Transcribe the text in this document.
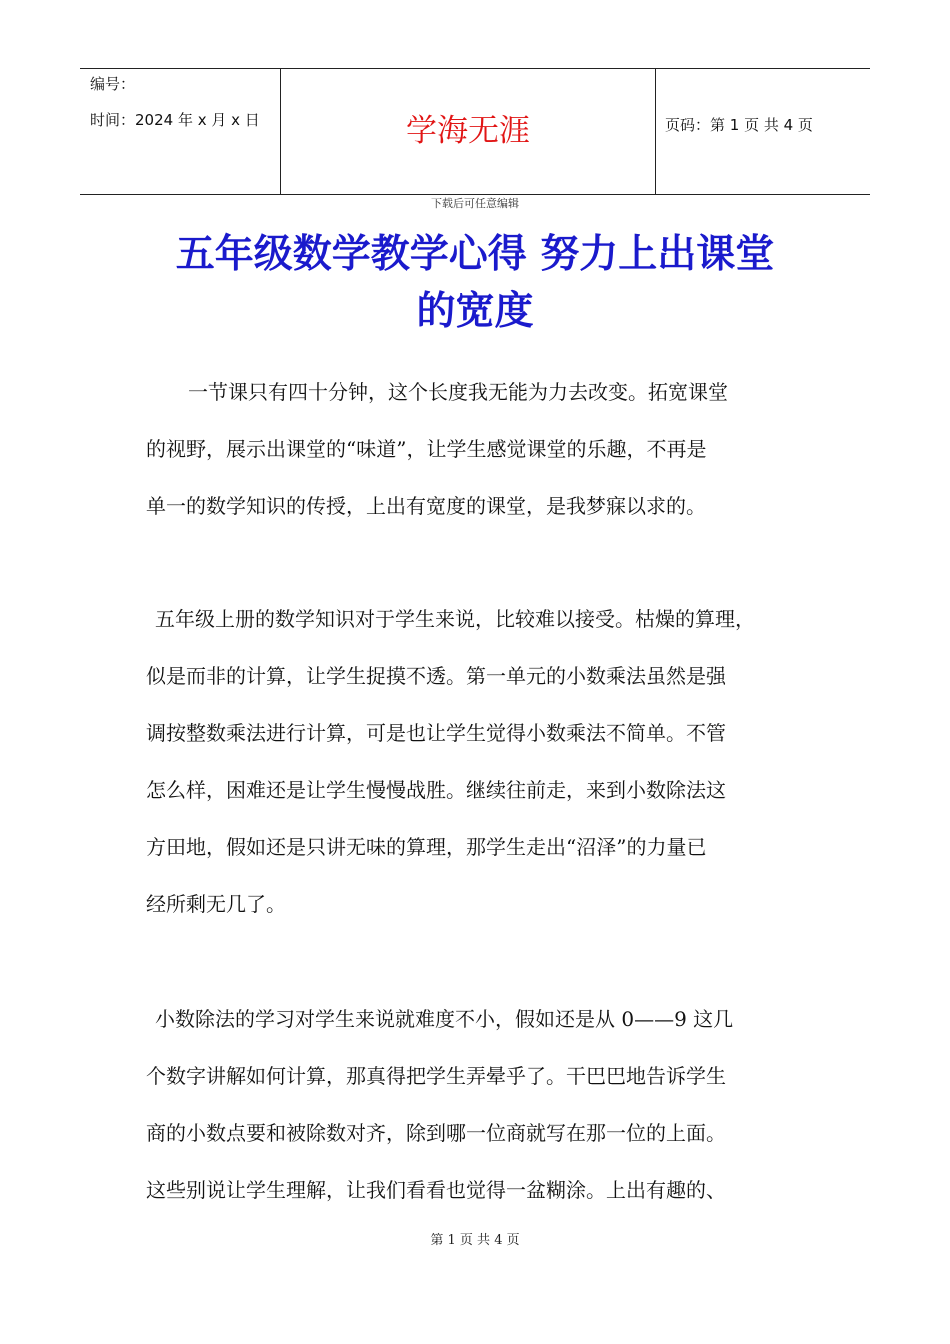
编号：
时间：2024 年 x 月 x 日	学海无涯	页码：第 1 页 共 4 页
下载后可任意编辑
五年级数学教学心得 努力上出课堂
的宽度
一节课只有四十分钟，这个长度我无能为力去改变。拓宽课堂
的视野，展示出课堂的“味道”，让学生感觉课堂的乐趣，不再是
单一的数学知识的传授，上出有宽度的课堂，是我梦寐以求的。
五年级上册的数学知识对于学生来说，比较难以接受。枯燥的算理，
似是而非的计算，让学生捉摸不透。第一单元的小数乘法虽然是强
调按整数乘法进行计算，可是也让学生觉得小数乘法不简单。不管
怎么样，困难还是让学生慢慢战胜。继续往前走，来到小数除法这
方田地，假如还是只讲无味的算理，那学生走出“沼泽”的力量已
经所剩无几了。
小数除法的学习对学生来说就难度不小，假如还是从 0——9 这几
个数字讲解如何计算，那真得把学生弄晕乎了。干巴巴地告诉学生
商的小数点要和被除数对齐，除到哪一位商就写在那一位的上面。
这些别说让学生理解，让我们看看也觉得一盆糊涂。上出有趣的、
第 1 页 共 4 页
